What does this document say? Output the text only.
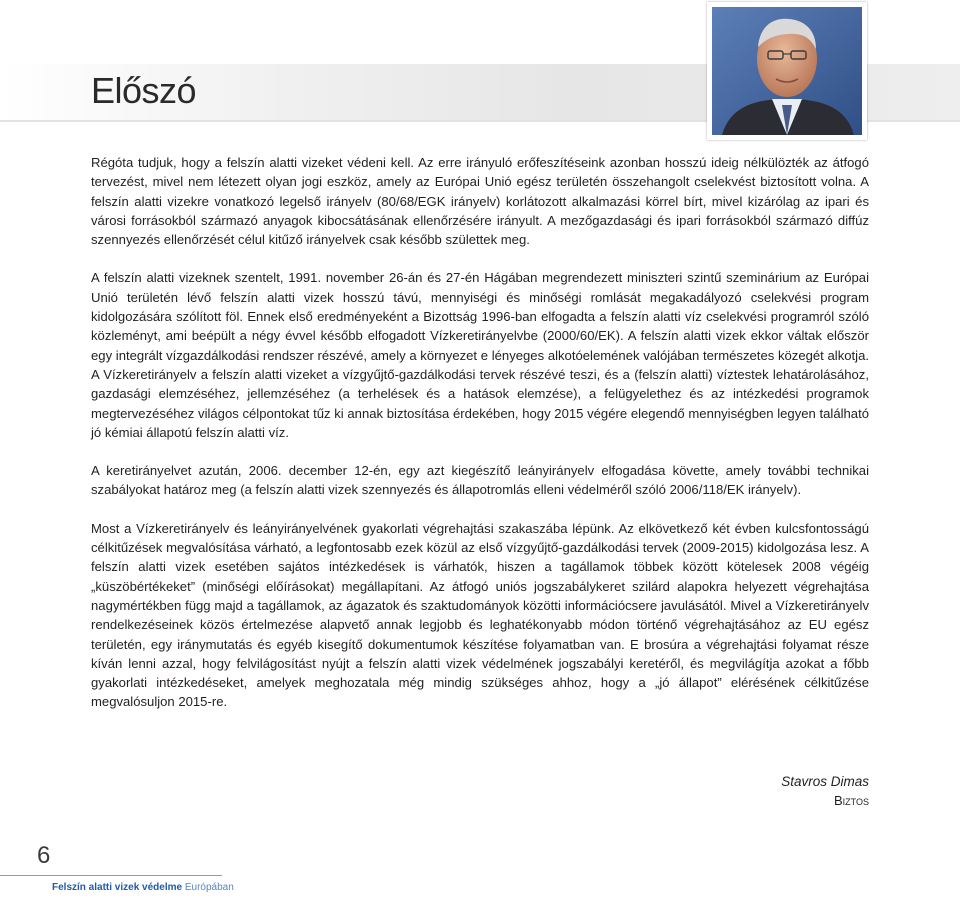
Előszó

Régóta tudjuk, hogy a felszín alatti vizeket védeni kell. Az erre irányuló erőfeszítéseink azonban hosszú ideig nélkülözték az átfogó tervezést, mivel nem létezett olyan jogi eszköz, amely az Európai Unió egész területén összehangolt cselekvést biztosított volna. A felszín alatti vizekre vonatkozó legelső irányelv (80/68/EGK irányelv) korlátozott alkalmazási körrel bírt, mivel kizárólag az ipari és városi forrásokból származó anyagok kibocsátásának ellenőrzésére irányult. A mezőgazdasági és ipari forrásokból származó diffúz szennyezés ellenőrzését célul kitűző irányelvek csak később születtek meg.

A felszín alatti vizeknek szentelt, 1991. november 26-án és 27-én Hágában megrendezett miniszteri szintű szeminárium az Európai Unió területén lévő felszín alatti vizek hosszú távú, mennyiségi és minőségi romlását megakadályozó cselekvési program kidolgozására szólított föl. Ennek első eredményeként a Bizottság 1996-ban elfogadta a felszín alatti víz cselekvési programról szóló közleményt, ami beépült a négy évvel később elfogadott Vízkeretirányelvbe (2000/60/EK). A felszín alatti vizek ekkor váltak először egy integrált vízgazdálkodási rendszer részévé, amely a környezet e lényeges alkotóelemének valójában természetes közegét alkotja. A Vízkeretirányelv a felszín alatti vizeket a vízgyűjtő-gazdálkodási tervek részévé teszi, és a (felszín alatti) víztestek lehatárolásához, gazdasági elemzéséhez, jellemzéséhez (a terhelések és a hatások elemzése), a felügyelethez és az intézkedési programok megtervezéséhez világos célpontokat tűz ki annak biztosítása érdekében, hogy 2015 végére elegendő mennyiségben legyen található jó kémiai állapotú felszín alatti víz.

A keretirányelvet azután, 2006. december 12-én, egy azt kiegészítő leányirányelv elfogadása követte, amely további technikai szabályokat határoz meg (a felszín alatti vizek szennyezés és állapotromlás elleni védelméről szóló 2006/118/EK irányelv).

Most a Vízkeretirányelv és leányirányelvének gyakorlati végrehajtási szakaszába lépünk. Az elkövetkező két évben kulcsfontosságú célkitűzések megvalósítása várható, a legfontosabb ezek közül az első vízgyűjtő-gazdálkodási tervek (2009-2015) kidolgozása lesz. A felszín alatti vizek esetében sajátos intézkedések is várhatók, hiszen a tagállamok többek között kötelesek 2008 végéig „küszöbértékeket” (minőségi előírásokat) megállapítani. Az átfogó uniós jogszabálykeret szilárd alapokra helyezett végrehajtása nagymértékben függ majd a tagállamok, az ágazatok és szaktudományok közötti információcsere javulásától. Mivel a Vízkeretirányelv rendelkezéseinek közös értelmezése alapvető annak legjobb és leghatékonyabb módon történő végrehajtásához az EU egész területén, egy iránymutatás és egyéb kisegítő dokumentumok készítése folyamatban van. E brosúra a végrehajtási folyamat része kíván lenni azzal, hogy felvilágosítást nyújt a felszín alatti vizek védelmének jogszabályi keretéről, és megvilágítja azokat a főbb gyakorlati intézkedéseket, amelyek meghozatala még mindig szükséges ahhoz, hogy a „jó állapot” elérésének célkitűzése megvalósuljon 2015-re.

Stavros Dimas
Biztos
6
Felszín alatti vizek védelme Európában
